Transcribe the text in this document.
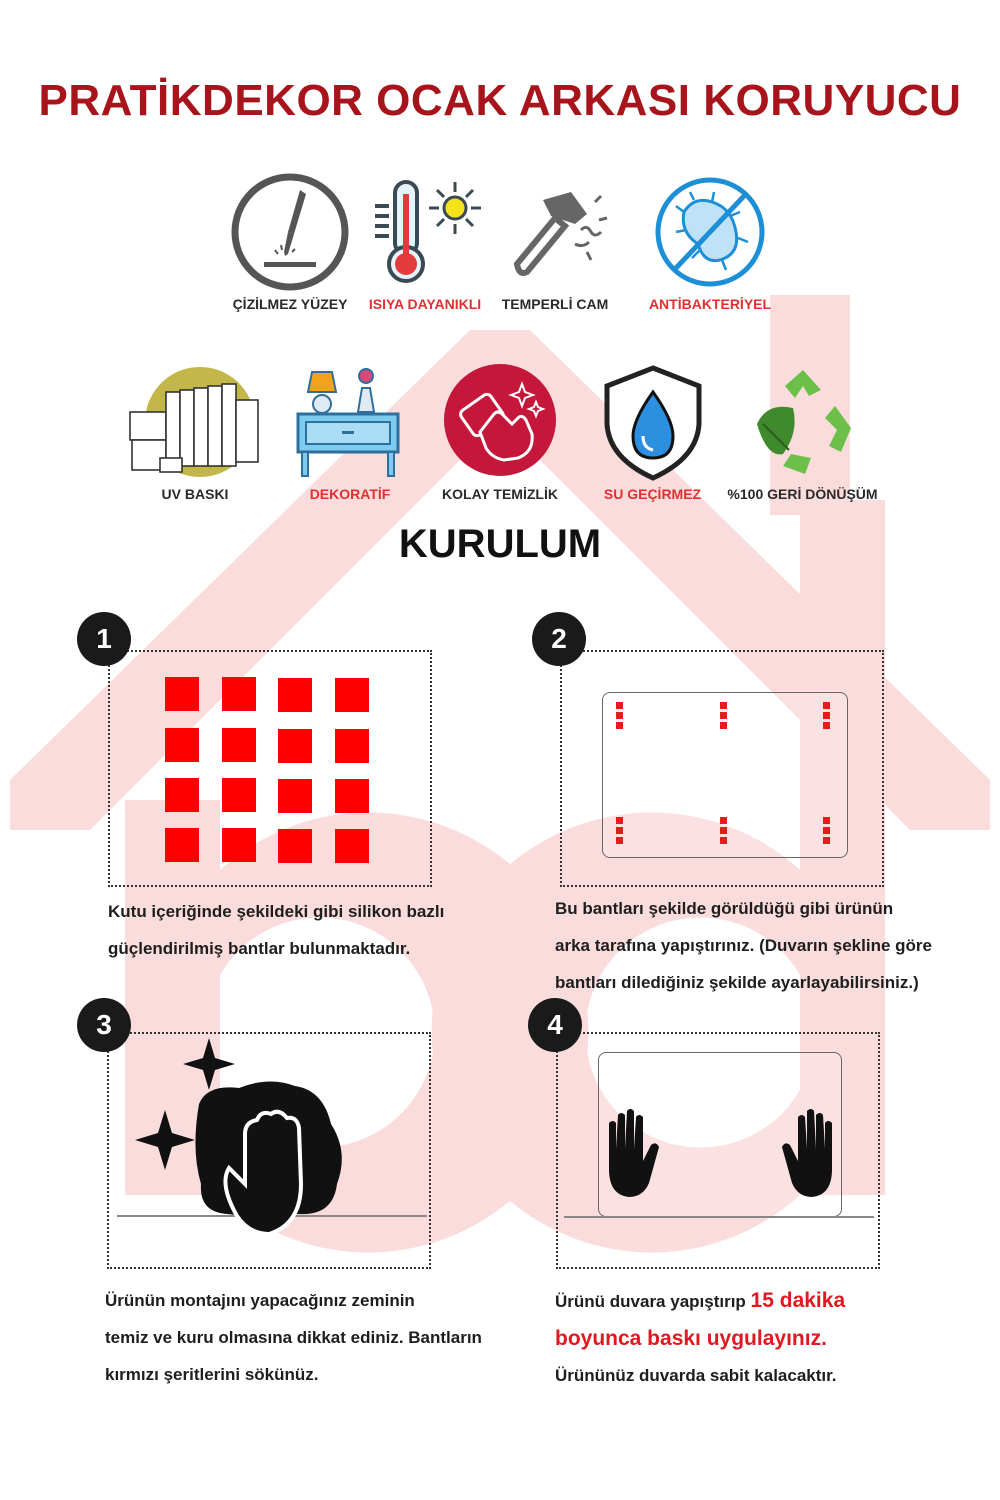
PRATİKDEKOR OCAK ARKASI KORUYUCU
ÇİZİLMEZ YÜZEY	ISIYA DAYANIKLI	TEMPERLİ CAM	ANTİBAKTERİYEL
UV BASKI	DEKORATİF	KOLAY TEMİZLİK	SU GEÇİRMEZ	%100 GERİ DÖNÜŞÜM
KURULUM
1
Kutu içeriğinde şekildeki gibi silikon bazlı
güçlendirilmiş bantlar bulunmaktadır.
2
Bu bantları şekilde görüldüğü gibi ürünün
arka tarafına yapıştırınız. (Duvarın şekline göre
bantları dilediğiniz şekilde ayarlayabilirsiniz.)
3
Ürünün montajını yapacağınız zeminin
temiz ve kuru olmasına dikkat ediniz. Bantların
kırmızı şeritlerini sökünüz.
4
Ürünü duvara yapıştırıp 15 dakika
boyunca baskı uygulayınız.
Ürününüz duvarda sabit kalacaktır.
